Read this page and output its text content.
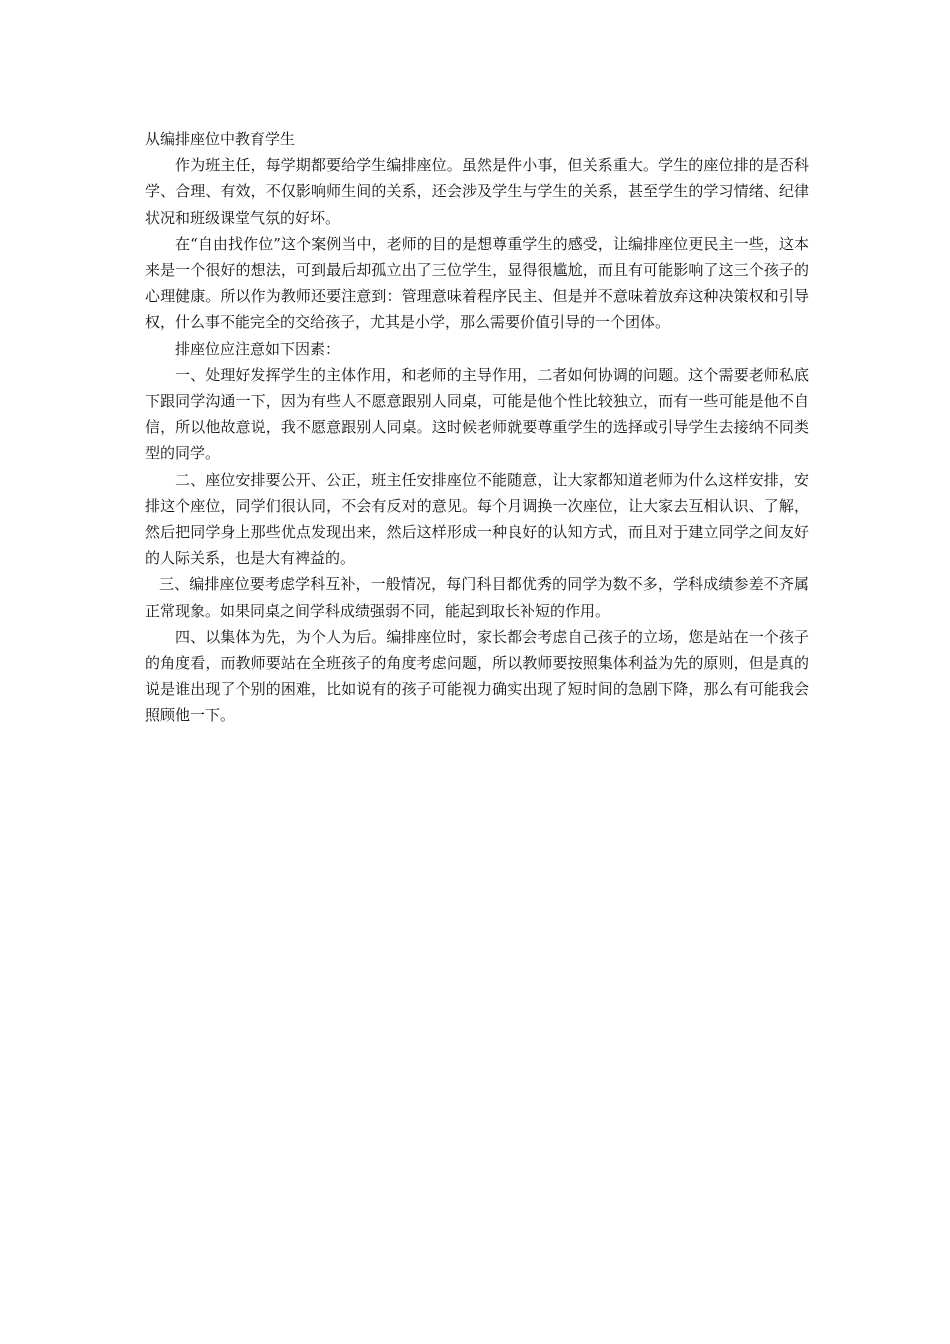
从编排座位中教育学生

作为班主任，每学期都要给学生编排座位。虽然是件小事，但关系重大。学生的座位排的是否科学、合理、有效，不仅影响师生间的关系，还会涉及学生与学生的关系，甚至学生的学习情绪、纪律状况和班级课堂气氛的好坏。

在“自由找作位”这个案例当中，老师的目的是想尊重学生的感受，让编排座位更民主一些，这本来是一个很好的想法，可到最后却孤立出了三位学生，显得很尴尬，而且有可能影响了这三个孩子的心理健康。所以作为教师还要注意到：管理意味着程序民主、但是并不意味着放弃这种决策权和引导权，什么事不能完全的交给孩子，尤其是小学，那么需要价值引导的一个团体。

排座位应注意如下因素：

一、处理好发挥学生的主体作用，和老师的主导作用，二者如何协调的问题。这个需要老师私底下跟同学沟通一下，因为有些人不愿意跟别人同桌，可能是他个性比较独立，而有一些可能是他不自信，所以他故意说，我不愿意跟别人同桌。这时候老师就要尊重学生的选择或引导学生去接纳不同类型的同学。

二、座位安排要公开、公正，班主任安排座位不能随意，让大家都知道老师为什么这样安排，安排这个座位，同学们很认同，不会有反对的意见。每个月调换一次座位，让大家去互相认识、了解，然后把同学身上那些优点发现出来，然后这样形成一种良好的认知方式，而且对于建立同学之间友好的人际关系，也是大有裨益的。

三、编排座位要考虑学科互补，一般情况，每门科目都优秀的同学为数不多，学科成绩参差不齐属正常现象。如果同桌之间学科成绩强弱不同，能起到取长补短的作用。

四、以集体为先，为个人为后。编排座位时，家长都会考虑自己孩子的立场，您是站在一个孩子的角度看，而教师要站在全班孩子的角度考虑问题，所以教师要按照集体利益为先的原则，但是真的说是谁出现了个别的困难，比如说有的孩子可能视力确实出现了短时间的急剧下降，那么有可能我会照顾他一下。
